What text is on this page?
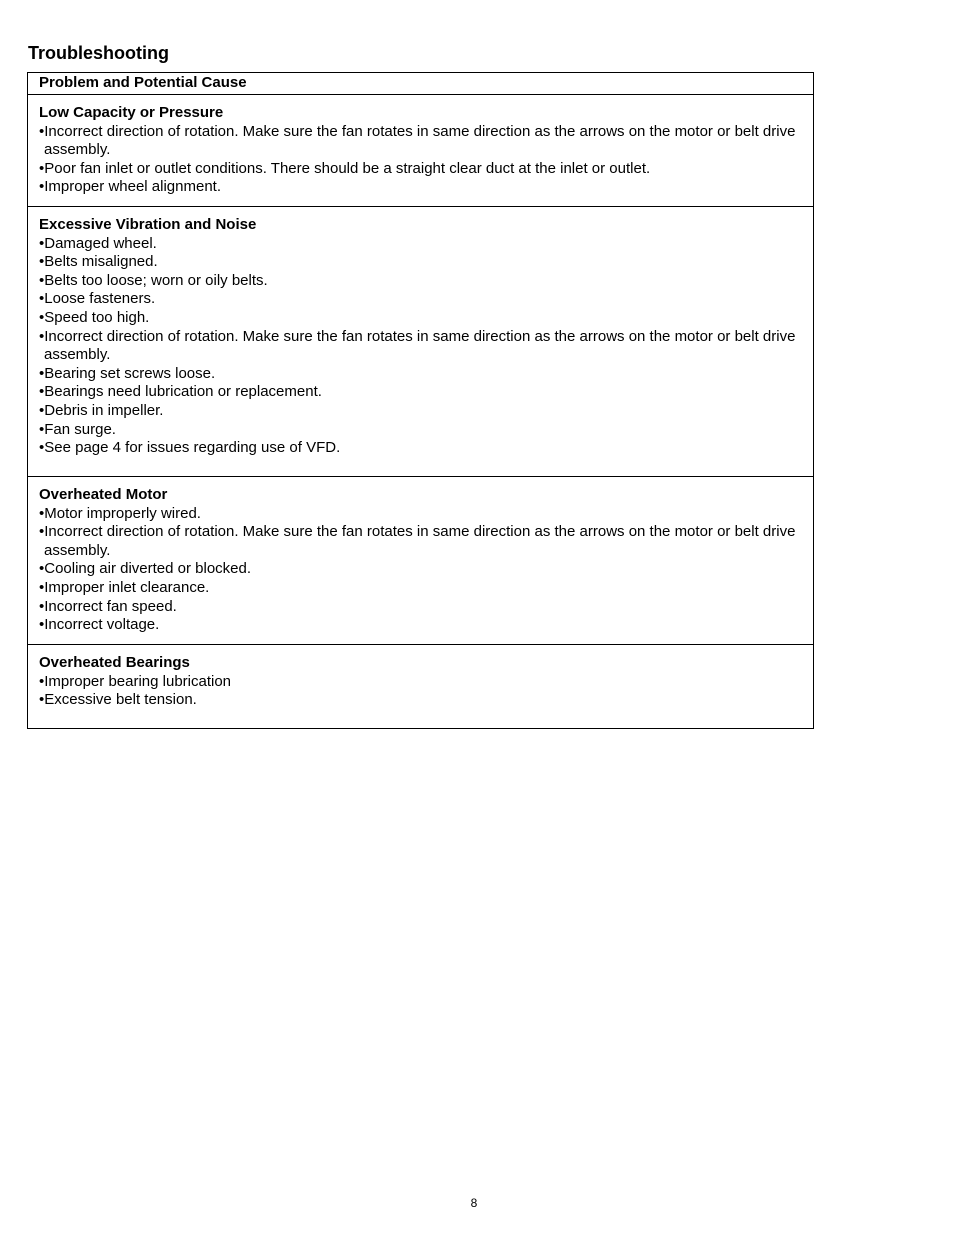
Troubleshooting
Problem and Potential Cause
Low Capacity or Pressure
•Incorrect direction of rotation. Make sure the fan rotates in same direction as the arrows on the motor or belt drive assembly.
•Poor fan inlet or outlet conditions. There should be a straight clear duct at the inlet or outlet.
•Improper wheel alignment.
Excessive Vibration and Noise
•Damaged wheel.
•Belts misaligned.
•Belts too loose; worn or oily belts.
•Loose fasteners.
•Speed too high.
•Incorrect direction of rotation. Make sure the fan rotates in same direction as the arrows on the motor or belt drive assembly.
•Bearing set screws loose.
•Bearings need lubrication or replacement.
•Debris in impeller.
•Fan surge.
•See page 4 for issues regarding use of VFD.
Overheated Motor
•Motor improperly wired.
•Incorrect direction of rotation. Make sure the fan rotates in same direction as the arrows on the motor or belt drive assembly.
•Cooling air diverted or blocked.
•Improper inlet clearance.
•Incorrect fan speed.
•Incorrect voltage.
Overheated Bearings
•Improper bearing lubrication
•Excessive belt tension.
8
